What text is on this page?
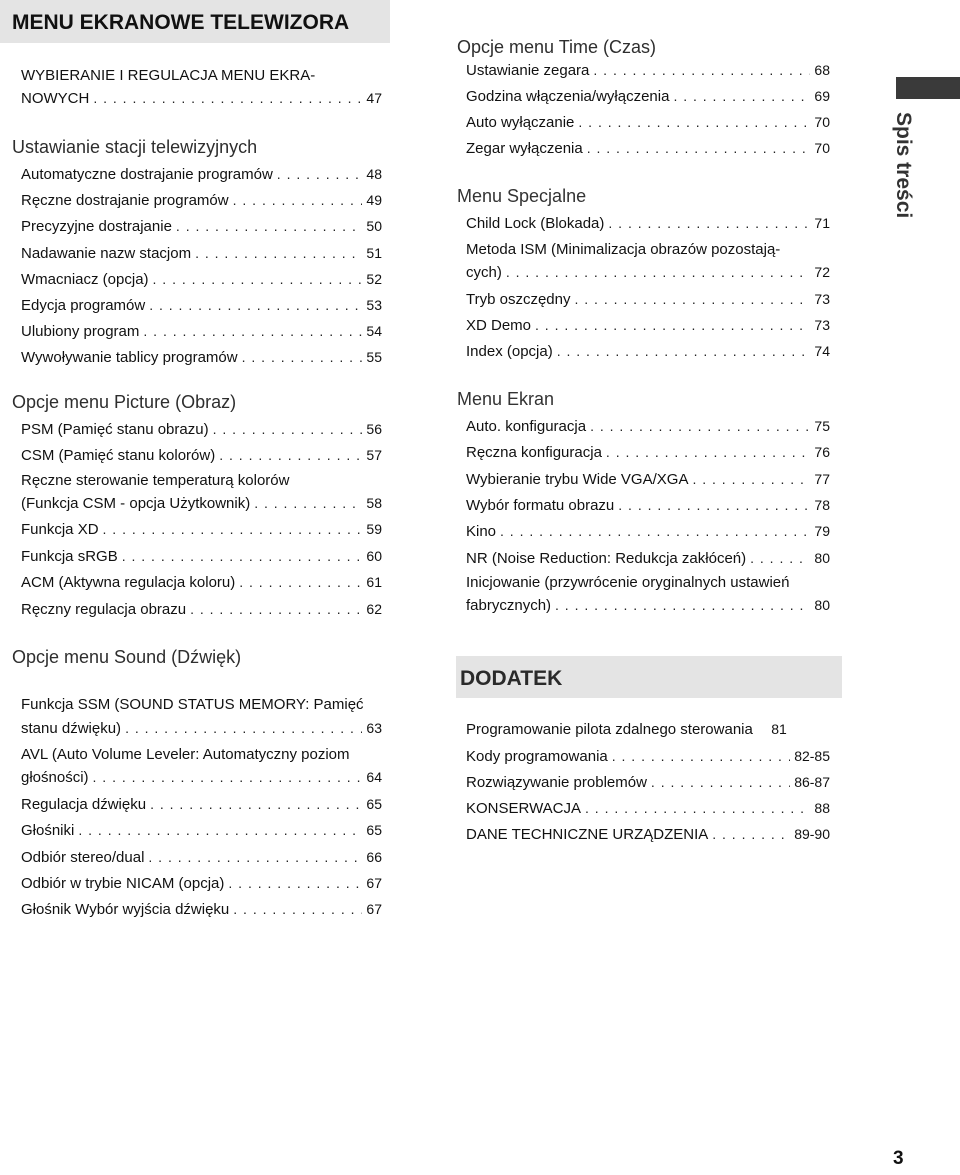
MENU EKRANOWE TELEWIZORA
WYBIERANIE I REGULACJA MENU EKRA-
NOWYCH . . .	47
Ustawianie stacji telewizyjnych
Automatyczne dostrajanie programów . . .	48
Ręczne dostrajanie programów . . .	49
Precyzyjne dostrajanie . . .	50
Nadawanie nazw stacjom . . .	51
Wmacniacz (opcja) . . .	52
Edycja programów . . .	53
Ulubiony program . . .	54
Wywoływanie tablicy programów . . .	55
Opcje menu Picture (Obraz)
PSM (Pamięć stanu obrazu) . . .	56
CSM (Pamięć stanu kolorów) . . .	57
Ręczne sterowanie temperaturą kolorów
(Funkcja CSM - opcja Użytkownik) . . .	58
Funkcja XD . . .	59
Funkcja sRGB . . .	60
ACM (Aktywna regulacja koloru) . . .	61
Ręczny regulacja obrazu . . .	62
Opcje menu Sound (Dźwięk)
Funkcja SSM (SOUND STATUS MEMORY: Pamięć
stanu dźwięku) . . .	63
AVL (Auto Volume Leveler: Automatyczny poziom
głośności) . . .	64
Regulacja dźwięku . . .	65
Głośniki . . .	65
Odbiór stereo/dual . . .	66
Odbiór w trybie NICAM (opcja) . . .	67
Głośnik Wybór wyjścia dźwięku . . .	67
Opcje menu Time (Czas)
Ustawianie zegara . . .	68
Godzina włączenia/wyłączenia . . .	69
Auto wyłączanie . . .	70
Zegar wyłączenia . . .	70
Menu Specjalne
Child Lock (Blokada) . . .	71
Metoda ISM (Minimalizacja obrazów pozostają-
cych) . . .	72
Tryb oszczędny . . .	73
XD Demo . . .	73
Index (opcja) . . .	74
Menu Ekran
Auto. konfiguracja . . .	75
Ręczna konfiguracja . . .	76
Wybieranie trybu Wide VGA/XGA . . .	77
Wybór formatu obrazu . . .	78
Kino . . .	79
NR (Noise Reduction: Redukcja zakłóceń) . . .	80
Inicjowanie (przywrócenie oryginalnych ustawień
fabrycznych) . . .	80
DODATEK
Programowanie pilota zdalnego sterowania 81
Kody programowania . . .	82-85
Rozwiązywanie problemów . . .	86-87
KONSERWACJA . . .	88
DANE TECHNICZNE URZĄDZENIA . . .	89-90
Spis treści
3
